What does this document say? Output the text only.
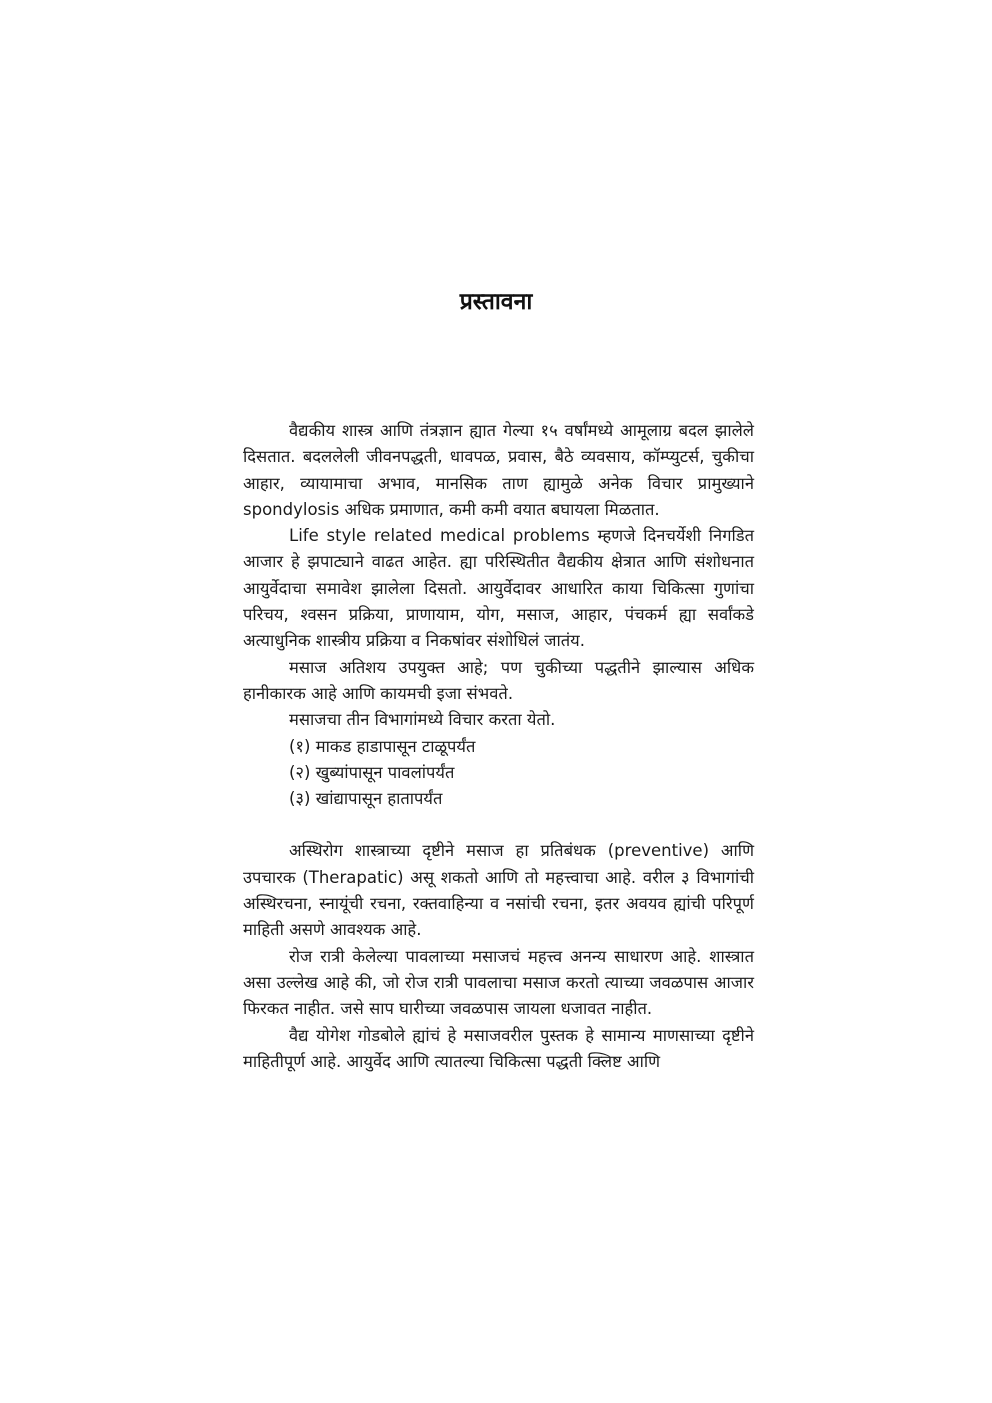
प्रस्तावना

वैद्यकीय शास्त्र आणि तंत्रज्ञान ह्यात गेल्या १५ वर्षांमध्ये आमूलाग्र बदल झालेले दिसतात. बदललेली जीवनपद्धती, धावपळ, प्रवास, बैठे व्यवसाय, कॉम्प्युटर्स, चुकीचा आहार, व्यायामाचा अभाव, मानसिक ताण ह्यामुळे अनेक विचार प्रामुख्याने spondylosis अधिक प्रमाणात, कमी कमी वयात बघायला मिळतात.

Life style related medical problems म्हणजे दिनचर्येशी निगडित आजार हे झपाट्याने वाढत आहेत. ह्या परिस्थितीत वैद्यकीय क्षेत्रात आणि संशोधनात आयुर्वेदाचा समावेश झालेला दिसतो. आयुर्वेदावर आधारित काया चिकित्सा गुणांचा परिचय, श्वसन प्रक्रिया, प्राणायाम, योग, मसाज, आहार, पंचकर्म ह्या सर्वांकडे अत्याधुनिक शास्त्रीय प्रक्रिया व निकषांवर संशोधिलं जातंय.

मसाज अतिशय उपयुक्त आहे; पण चुकीच्या पद्धतीने झाल्यास अधिक हानीकारक आहे आणि कायमची इजा संभवते.

मसाजचा तीन विभागांमध्ये विचार करता येतो.

(१) माकड हाडापासून टाळूपर्यंत
(२) खुब्यांपासून पावलांपर्यंत
(३) खांद्यापासून हातापर्यंत

अस्थिरोग शास्त्राच्या दृष्टीने मसाज हा प्रतिबंधक (preventive) आणि उपचारक (Therapatic) असू शकतो आणि तो महत्त्वाचा आहे. वरील ३ विभागांची अस्थिरचना, स्नायूंची रचना, रक्तवाहिन्या व नसांची रचना, इतर अवयव ह्यांची परिपूर्ण माहिती असणे आवश्यक आहे.

रोज रात्री केलेल्या पावलाच्या मसाजचं महत्त्व अनन्य साधारण आहे. शास्त्रात असा उल्लेख आहे की, जो रोज रात्री पावलाचा मसाज करतो त्याच्या जवळपास आजार फिरकत नाहीत. जसे साप घारीच्या जवळपास जायला धजावत नाहीत.

वैद्य योगेश गोडबोले ह्यांचं हे मसाजवरील पुस्तक हे सामान्य माणसाच्या दृष्टीने माहितीपूर्ण आहे. आयुर्वेद आणि त्यातल्या चिकित्सा पद्धती क्लिष्ट आणि
